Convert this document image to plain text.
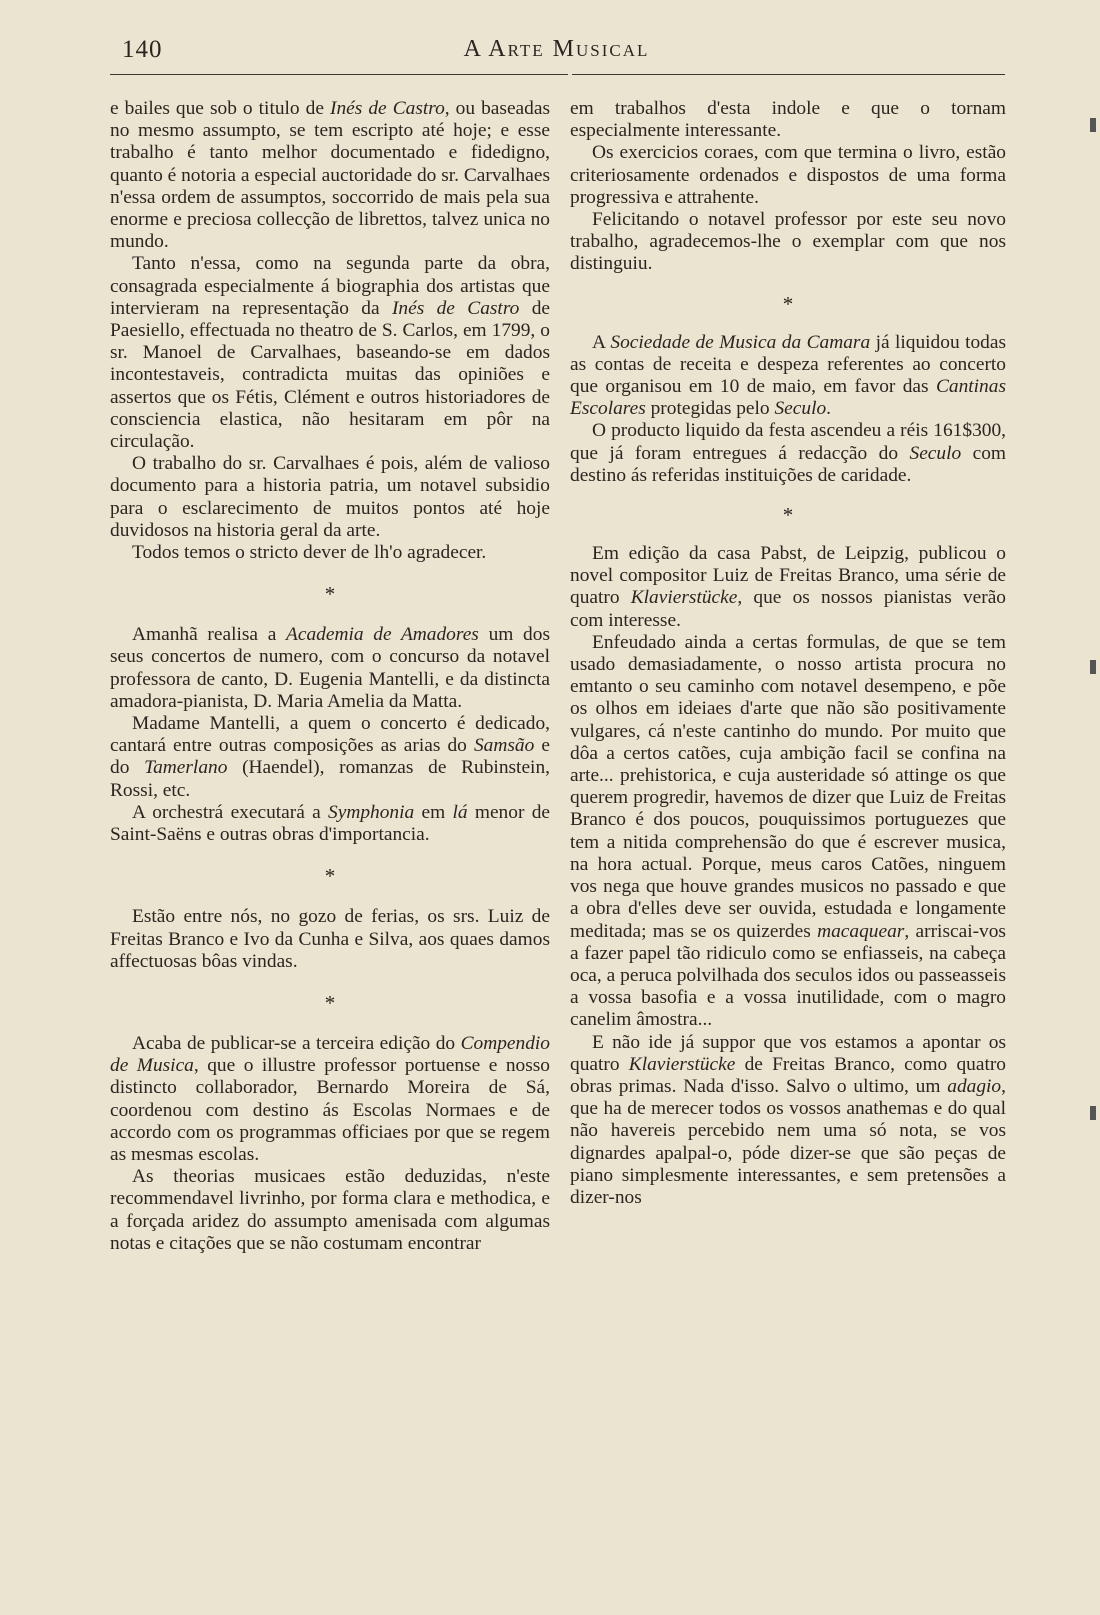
140	A Arte Musical

e bailes que sob o titulo de Inés de Castro, ou baseadas no mesmo assumpto, se tem escripto até hoje; e esse trabalho é tanto melhor documentado e fidedigno, quanto é notoria a especial auctoridade do sr. Carvalhaes n'essa ordem de assumptos, soccorrido de mais pela sua enorme e preciosa collecção de librettos, talvez unica no mundo.

Tanto n'essa, como na segunda parte da obra, consagrada especialmente á biographia dos artistas que intervieram na representação da Inés de Castro de Paesiello, effectuada no theatro de S. Carlos, em 1799, o sr. Manoel de Carvalhaes, baseando-se em dados incontestaveis, contradicta muitas das opiniões e assertos que os Fétis, Clément e outros historiadores de consciencia elastica, não hesitaram em pôr na circulação.

O trabalho do sr. Carvalhaes é pois, além de valioso documento para a historia patria, um notavel subsidio para o esclarecimento de muitos pontos até hoje duvidosos na historia geral da arte.

Todos temos o stricto dever de lh'o agradecer.

*

Amanhã realisa a Academia de Amadores um dos seus concertos de numero, com o concurso da notavel professora de canto, D. Eugenia Mantelli, e da distincta amadora-pianista, D. Maria Amelia da Matta.

Madame Mantelli, a quem o concerto é dedicado, cantará entre outras composições as arias do Samsão e do Tamerlano (Haendel), romanzas de Rubinstein, Rossi, etc.

A orchestrá executará a Symphonia em lá menor de Saint-Saëns e outras obras d'importancia.

*

Estão entre nós, no gozo de ferias, os srs. Luiz de Freitas Branco e Ivo da Cunha e Silva, aos quaes damos affectuosas bôas vindas.

*

Acaba de publicar-se a terceira edição do Compendio de Musica, que o illustre professor portuense e nosso distincto collaborador, Bernardo Moreira de Sá, coordenou com destino ás Escolas Normaes e de accordo com os programmas officiaes por que se regem as mesmas escolas.

As theorias musicaes estão deduzidas, n'este recommendavel livrinho, por forma clara e methodica, e a forçada aridez do assumpto amenisada com algumas notas e citações que se não costumam encontrar

em trabalhos d'esta indole e que o tornam especialmente interessante.

Os exercicios coraes, com que termina o livro, estão criteriosamente ordenados e dispostos de uma forma progressiva e attrahente.

Felicitando o notavel professor por este seu novo trabalho, agradecemos-lhe o exemplar com que nos distinguiu.

*

A Sociedade de Musica da Camara já liquidou todas as contas de receita e despeza referentes ao concerto que organisou em 10 de maio, em favor das Cantinas Escolares protegidas pelo Seculo.

O producto liquido da festa ascendeu a réis 161$300, que já foram entregues á redacção do Seculo com destino ás referidas instituições de caridade.

*

Em edição da casa Pabst, de Leipzig, publicou o novel compositor Luiz de Freitas Branco, uma série de quatro Klavierstücke, que os nossos pianistas verão com interesse.

Enfeudado ainda a certas formulas, de que se tem usado demasiadamente, o nosso artista procura no emtanto o seu caminho com notavel desempeno, e põe os olhos em ideiaes d'arte que não são positivamente vulgares, cá n'este cantinho do mundo. Por muito que dôa a certos catões, cuja ambição facil se confina na arte... prehistorica, e cuja austeridade só attinge os que querem progredir, havemos de dizer que Luiz de Freitas Branco é dos poucos, pouquissimos portuguezes que tem a nitida comprehensão do que é escrever musica, na hora actual. Porque, meus caros Catões, ninguem vos nega que houve grandes musicos no passado e que a obra d'elles deve ser ouvida, estudada e longamente meditada; mas se os quizerdes macaquear, arriscai-vos a fazer papel tão ridiculo como se enfiasseis, na cabeça oca, a peruca polvilhada dos seculos idos ou passeasseis a vossa basofia e a vossa inutilidade, com o magro canelim âmostra...

E não ide já suppor que vos estamos a apontar os quatro Klavierstücke de Freitas Branco, como quatro obras primas. Nada d'isso. Salvo o ultimo, um adagio, que ha de merecer todos os vossos anathemas e do qual não havereis percebido nem uma só nota, se vos dignardes apalpal-o, póde dizer-se que são peças de piano simplesmente interessantes, e sem pretensões a dizer-nos
